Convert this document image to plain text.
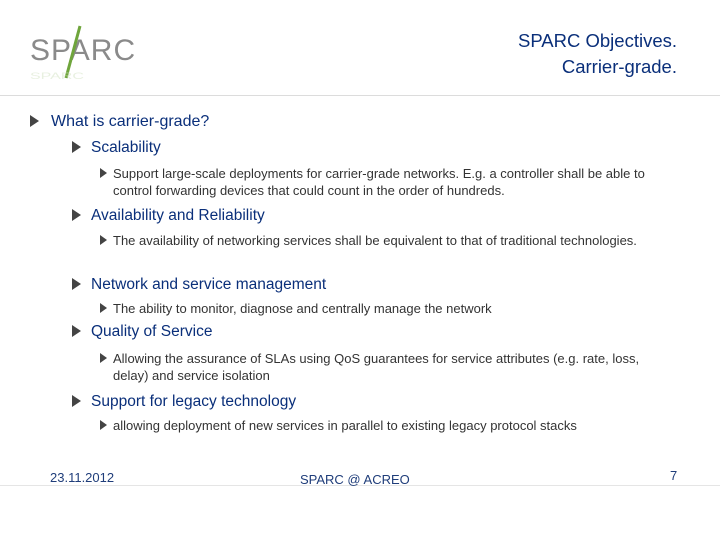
SPARC
SPARC
SPARC Objectives.
Carrier-grade.
What is carrier-grade?
Scalability
Support large-scale deployments for carrier-grade networks. E.g. a controller shall be able to control forwarding devices that could count in the order of hundreds.
Availability and Reliability
The availability of networking services shall be equivalent to that of traditional technologies.
Network and service management
The ability to monitor, diagnose and centrally manage the network
Quality of Service
Allowing the assurance of SLAs using QoS guarantees for service attributes (e.g. rate, loss, delay) and service isolation
Support for legacy technology
allowing deployment of new services in parallel to existing legacy protocol stacks
23.11.2012	SPARC @ ACREO	7
